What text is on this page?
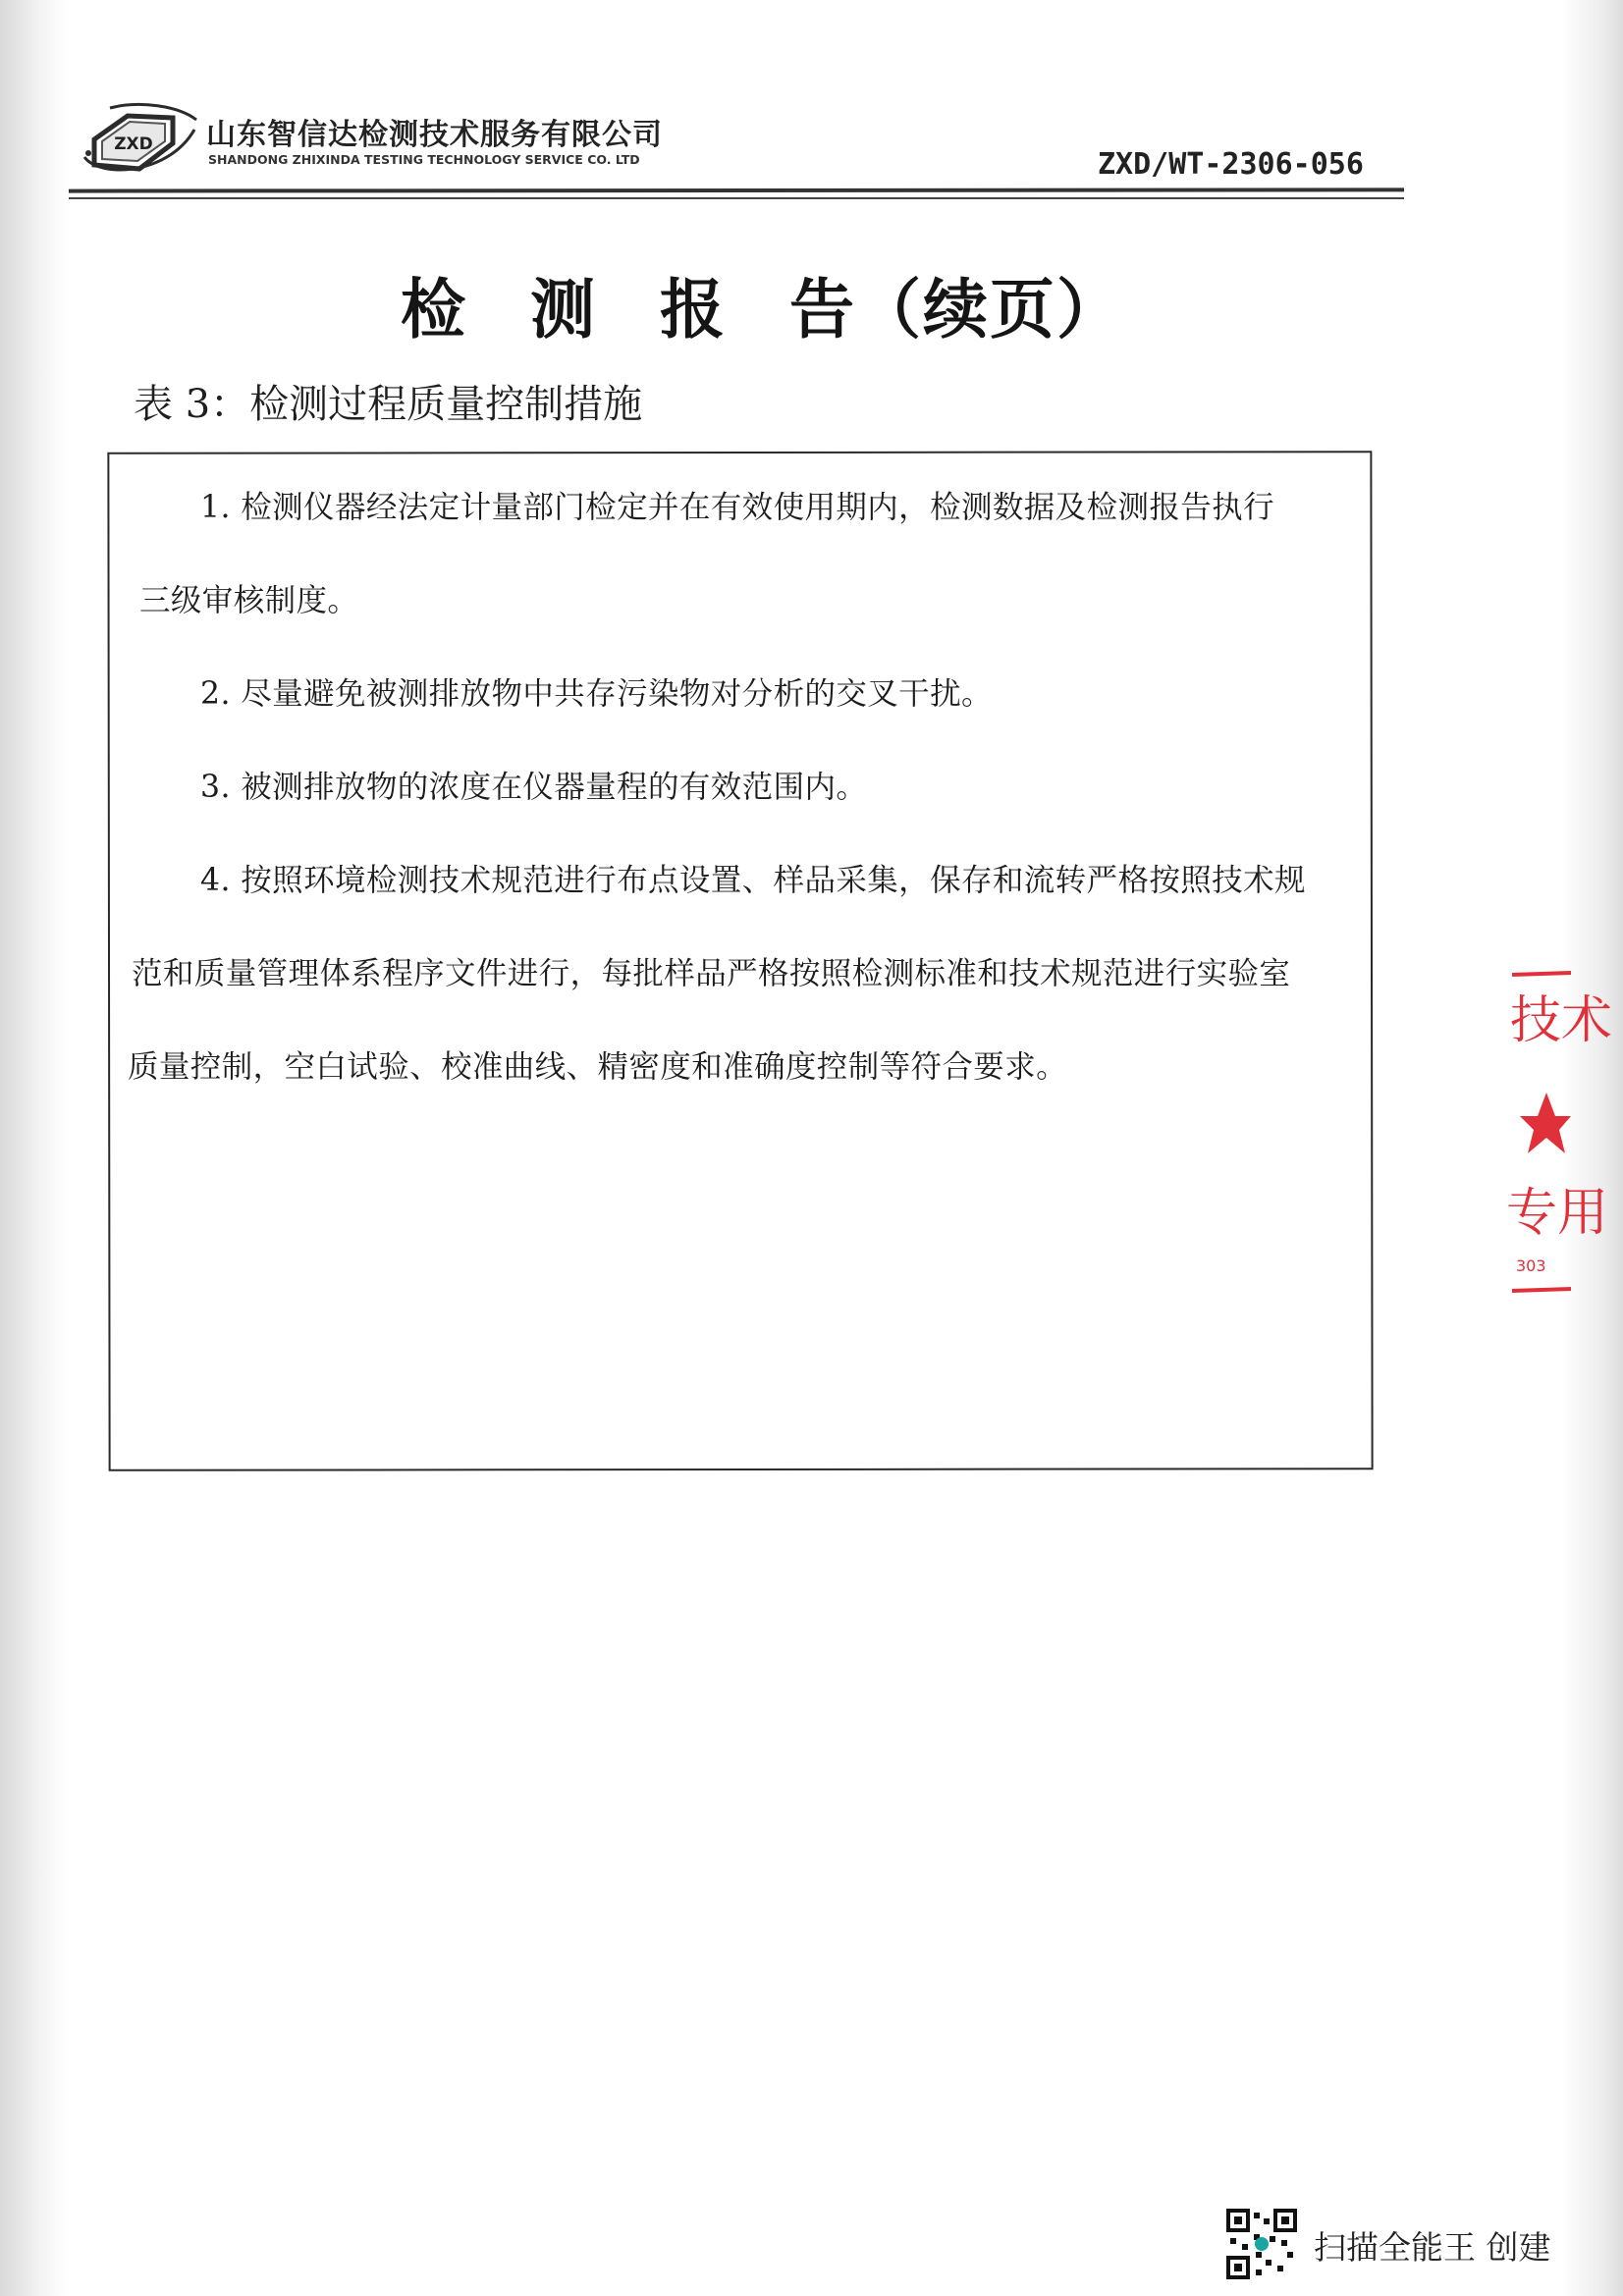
ZXD 山东智信达检测技术服务有限公司
SHANDONG ZHIXINDA TESTING TECHNOLOGY SERVICE CO. LTD	ZXD/WT-2306-056
检 测 报 告（续页）
表 3：检测过程质量控制措施
1. 检测仪器经法定计量部门检定并在有效使用期内，检测数据及检测报告执行
三级审核制度。
2. 尽量避免被测排放物中共存污染物对分析的交叉干扰。
3. 被测排放物的浓度在仪器量程的有效范围内。
4. 按照环境检测技术规范进行布点设置、样品采集，保存和流转严格按照技术规
范和质量管理体系程序文件进行，每批样品严格按照检测标准和技术规范进行实验室
质量控制，空白试验、校准曲线、精密度和准确度控制等符合要求。
技术
专用
303
扫描全能王 创建
